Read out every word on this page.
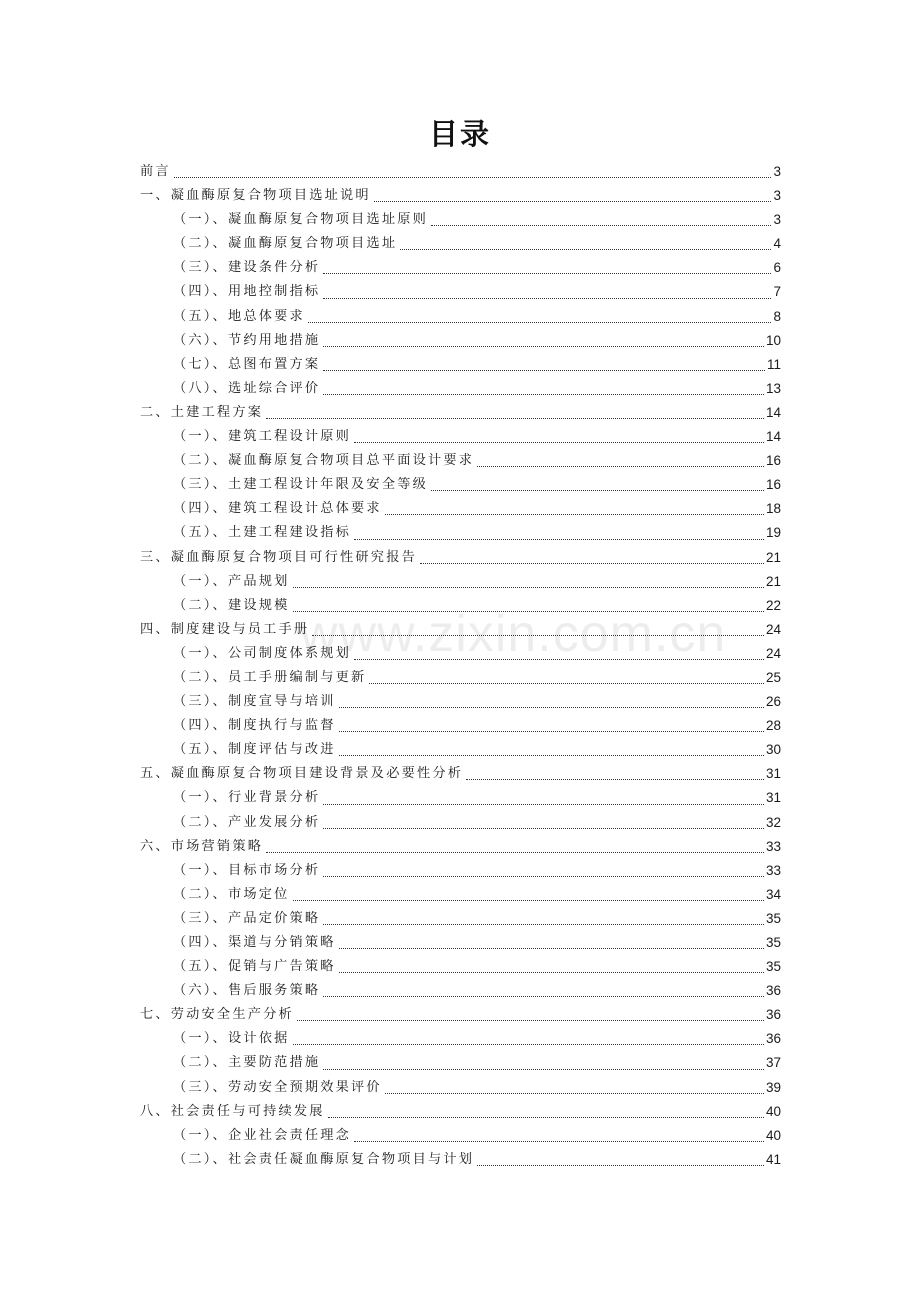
www.zixin.com.cn
目录
前言	3
一、凝血酶原复合物项目选址说明	3
（一）、凝血酶原复合物项目选址原则	3
（二）、凝血酶原复合物项目选址	4
（三）、建设条件分析	6
（四）、用地控制指标	7
（五）、地总体要求	8
（六）、节约用地措施	10
（七）、总图布置方案	11
（八）、选址综合评价	13
二、土建工程方案	14
（一）、建筑工程设计原则	14
（二）、凝血酶原复合物项目总平面设计要求	16
（三）、土建工程设计年限及安全等级	16
（四）、建筑工程设计总体要求	18
（五）、土建工程建设指标	19
三、凝血酶原复合物项目可行性研究报告	21
（一）、产品规划	21
（二）、建设规模	22
四、制度建设与员工手册	24
（一）、公司制度体系规划	24
（二）、员工手册编制与更新	25
（三）、制度宣导与培训	26
（四）、制度执行与监督	28
（五）、制度评估与改进	30
五、凝血酶原复合物项目建设背景及必要性分析	31
（一）、行业背景分析	31
（二）、产业发展分析	32
六、市场营销策略	33
（一）、目标市场分析	33
（二）、市场定位	34
（三）、产品定价策略	35
（四）、渠道与分销策略	35
（五）、促销与广告策略	35
（六）、售后服务策略	36
七、劳动安全生产分析	36
（一）、设计依据	36
（二）、主要防范措施	37
（三）、劳动安全预期效果评价	39
八、社会责任与可持续发展	40
（一）、企业社会责任理念	40
（二）、社会责任凝血酶原复合物项目与计划	41
